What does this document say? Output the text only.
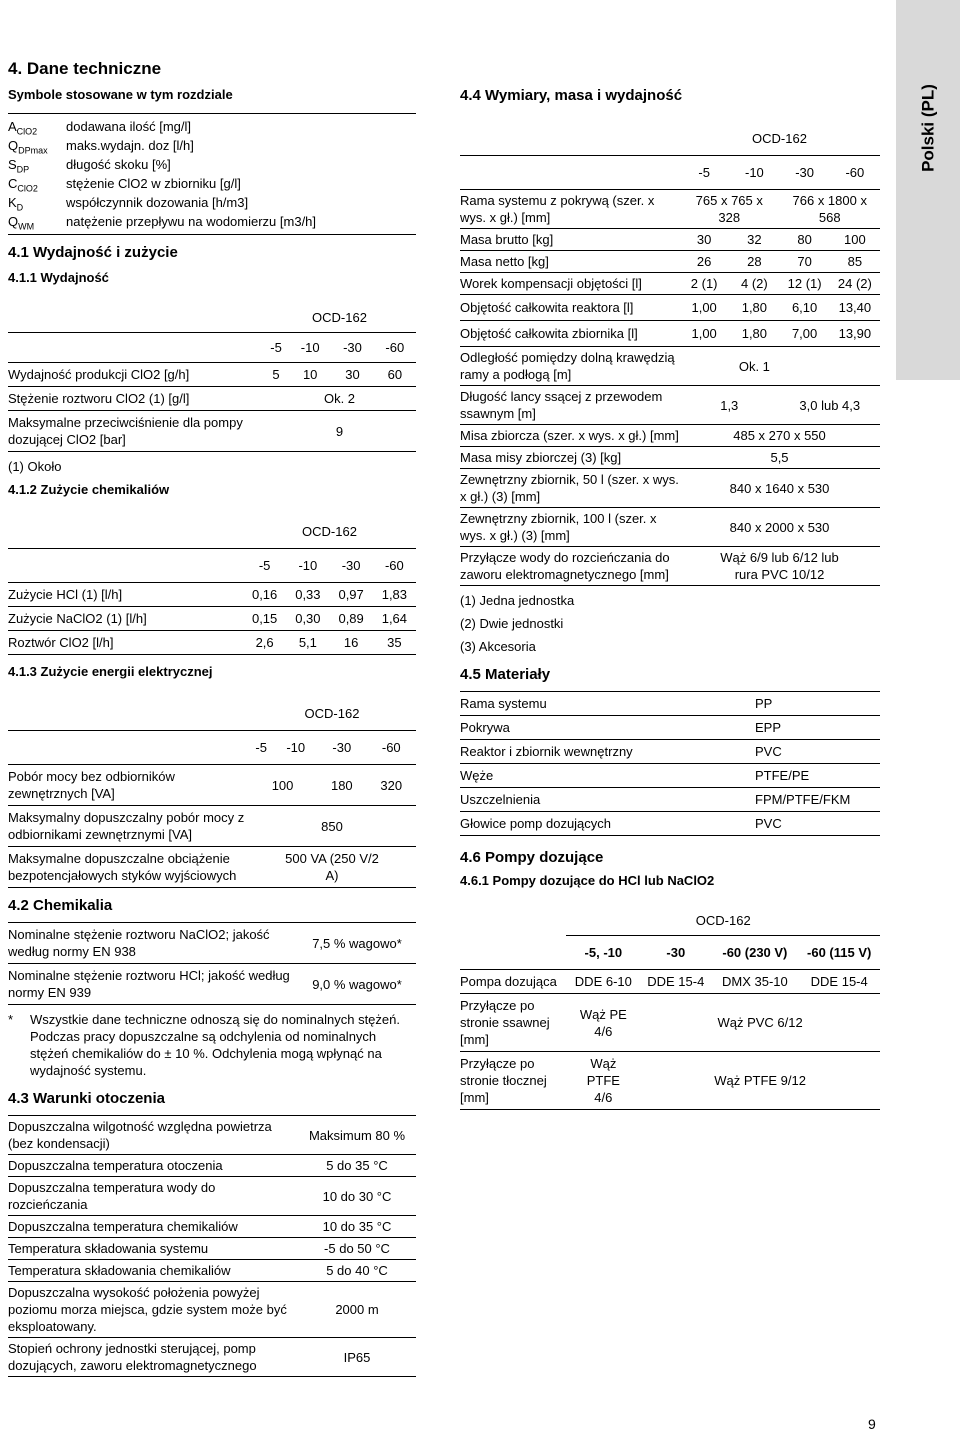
Polski (PL)
4. Dane techniczne
Symbole stosowane w tym rozdziale
$A_{ClO2}$	dodawana ilość [mg/l]
$Q_{DPmax}$	maks.wydajn. doz [l/h]
$S_{DP}$	długość skoku [%]
$C_{ClO2}$	stężenie ClO2 w zbiorniku [g/l]
$K_D$	współczynnik dozowania [h/m3]
$Q_{WM}$	natężenie przepływu na wodomierzu [m3/h]
4.1 Wydajność i zużycie
4.1.1 Wydajność
	OCD-162			
	-5	-10	-30	-60
Wydajność produkcji ClO2 [g/h]	5	10	30	60
Stężenie roztworu ClO2 (1) [g/l]	Ok. 2			
Maksymalne przeciwciśnienie dla pompy dozującej ClO2 [bar]	9			
(1) Około
4.1.2 Zużycie chemikaliów
	OCD-162			
	-5	-10	-30	-60
Zużycie HCl (1) [l/h]	0,16	0,33	0,97	1,83
Zużycie NaClO2 (1) [l/h]	0,15	0,30	0,89	1,64
Roztwór ClO2 [l/h]	2,6	5,1	16	35
4.1.3 Zużycie energii elektrycznej
	OCD-162			
	-5	-10	-30	-60
Pobór mocy bez odbiorników zewnętrznych [VA]	100		180	320
Maksymalny dopuszczalny pobór mocy z odbiornikami zewnętrznymi [VA]	850			
Maksymalne dopuszczalne obciążenie bezpotencjałowych styków wyjściowych	500 VA (250 V/2 A)			
4.2 Chemikalia
Nominalne stężenie roztworu NaClO2; jakość według normy EN 938	7,5 % wagowo*
Nominalne stężenie roztworu HCl; jakość według normy EN 939	9,0 % wagowo*
*	Wszystkie dane techniczne odnoszą się do nominalnych stężeń. Podczas pracy dopuszczalne są odchylenia od nominalnych stężeń chemikaliów do ± 10 %. Odchylenia mogą wpłynąć na wydajność systemu.
4.3 Warunki otoczenia
Dopuszczalna wilgotność względna powietrza (bez kondensacji)	Maksimum 80 %
Dopuszczalna temperatura otoczenia	5 do 35 °C
Dopuszczalna temperatura wody do rozcieńczania	10 do 30 °C
Dopuszczalna temperatura chemikaliów	10 do 35 °C
Temperatura składowania systemu	-5 do 50 °C
Temperatura składowania chemikaliów	5 do 40 °C
Dopuszczalna wysokość położenia powyżej poziomu morza miejsca, gdzie system może być eksploatowany.	2000 m
Stopień ochrony jednostki sterującej, pomp dozujących, zaworu elektromagnetycznego	IP65
4.4 Wymiary, masa i wydajność
	OCD-162			
	-5	-10	-30	-60
Rama systemu z pokrywą (szer. x wys. x gł.) [mm]	765 x 765 x 328		766 x 1800 x 568	
Masa brutto [kg]	30	32	80	100
Masa netto [kg]	26	28	70	85
Worek kompensacji objętości [l]	2 (1)	4 (2)	12 (1)	24 (2)
Objętość całkowita reaktora [l]	1,00	1,80	6,10	13,40
Objętość całkowita zbiornika [l]	1,00	1,80	7,00	13,90
Odległość pomiędzy dolną krawędzią ramy a podłogą [m]	Ok. 1			
Długość lancy ssącej z przewodem ssawnym [m]	1,3		3,0 lub 4,3	
Misa zbiorcza (szer. x wys. x gł.) [mm]	485 x 270 x 550			
Masa misy zbiorczej (3) [kg]	5,5			
Zewnętrzny zbiornik, 50 l (szer. x wys. x gł.) (3) [mm]	840 x 1640 x 530			
Zewnętrzny zbiornik, 100 l (szer. x wys. x gł.) (3) [mm]	840 x 2000 x 530			
Przyłącze wody do rozcieńczania do zaworu elektromagnetycznego [mm]	Wąż 6/9 lub 6/12 lub rura PVC 10/12			
(1) Jedna jednostka
(2) Dwie jednostki
(3) Akcesoria
4.5 Materiały
Rama systemu	PP
Pokrywa	EPP
Reaktor i zbiornik wewnętrzny	PVC
Węże	PTFE/PE
Uszczelnienia	FPM/PTFE/FKM
Głowice pomp dozujących	PVC
4.6 Pompy dozujące
4.6.1 Pompy dozujące do HCl lub NaClO2
	OCD-162			
	-5, -10	-30	-60 (230 V)	-60 (115 V)
Pompa dozująca	DDE 6-10	DDE 15-4	DMX 35-10	DDE 15-4
Przyłącze po stronie ssawnej [mm]	Wąż PE 4/6	Wąż PVC 6/12		
Przyłącze po stronie tłocznej [mm]	Wąż PTFE 4/6	Wąż PTFE 9/12		
9
